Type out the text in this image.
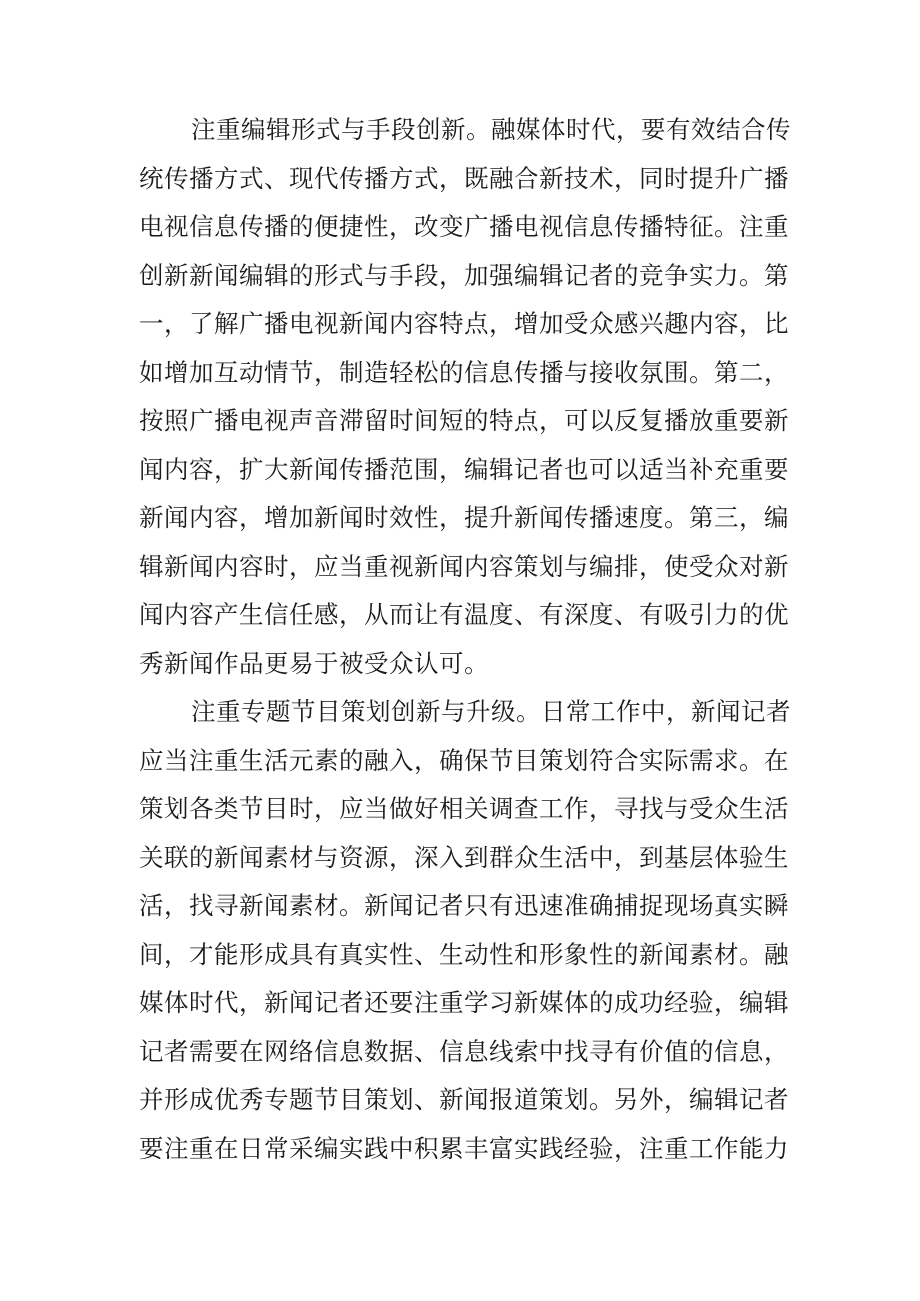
注重编辑形式与手段创新。融媒体时代，要有效结合传
统传播方式、现代传播方式，既融合新技术，同时提升广播
电视信息传播的便捷性，改变广播电视信息传播特征。注重
创新新闻编辑的形式与手段，加强编辑记者的竞争实力。第
一，了解广播电视新闻内容特点，增加受众感兴趣内容，比
如增加互动情节，制造轻松的信息传播与接收氛围。第二，
按照广播电视声音滞留时间短的特点，可以反复播放重要新
闻内容，扩大新闻传播范围，编辑记者也可以适当补充重要
新闻内容，增加新闻时效性，提升新闻传播速度。第三，编
辑新闻内容时，应当重视新闻内容策划与编排，使受众对新
闻内容产生信任感，从而让有温度、有深度、有吸引力的优
秀新闻作品更易于被受众认可。
注重专题节目策划创新与升级。日常工作中，新闻记者
应当注重生活元素的融入，确保节目策划符合实际需求。在
策划各类节目时，应当做好相关调查工作，寻找与受众生活
关联的新闻素材与资源，深入到群众生活中，到基层体验生
活，找寻新闻素材。新闻记者只有迅速准确捕捉现场真实瞬
间，才能形成具有真实性、生动性和形象性的新闻素材。融
媒体时代，新闻记者还要注重学习新媒体的成功经验，编辑
记者需要在网络信息数据、信息线索中找寻有价值的信息，
并形成优秀专题节目策划、新闻报道策划。另外，编辑记者
要注重在日常采编实践中积累丰富实践经验，注重工作能力
